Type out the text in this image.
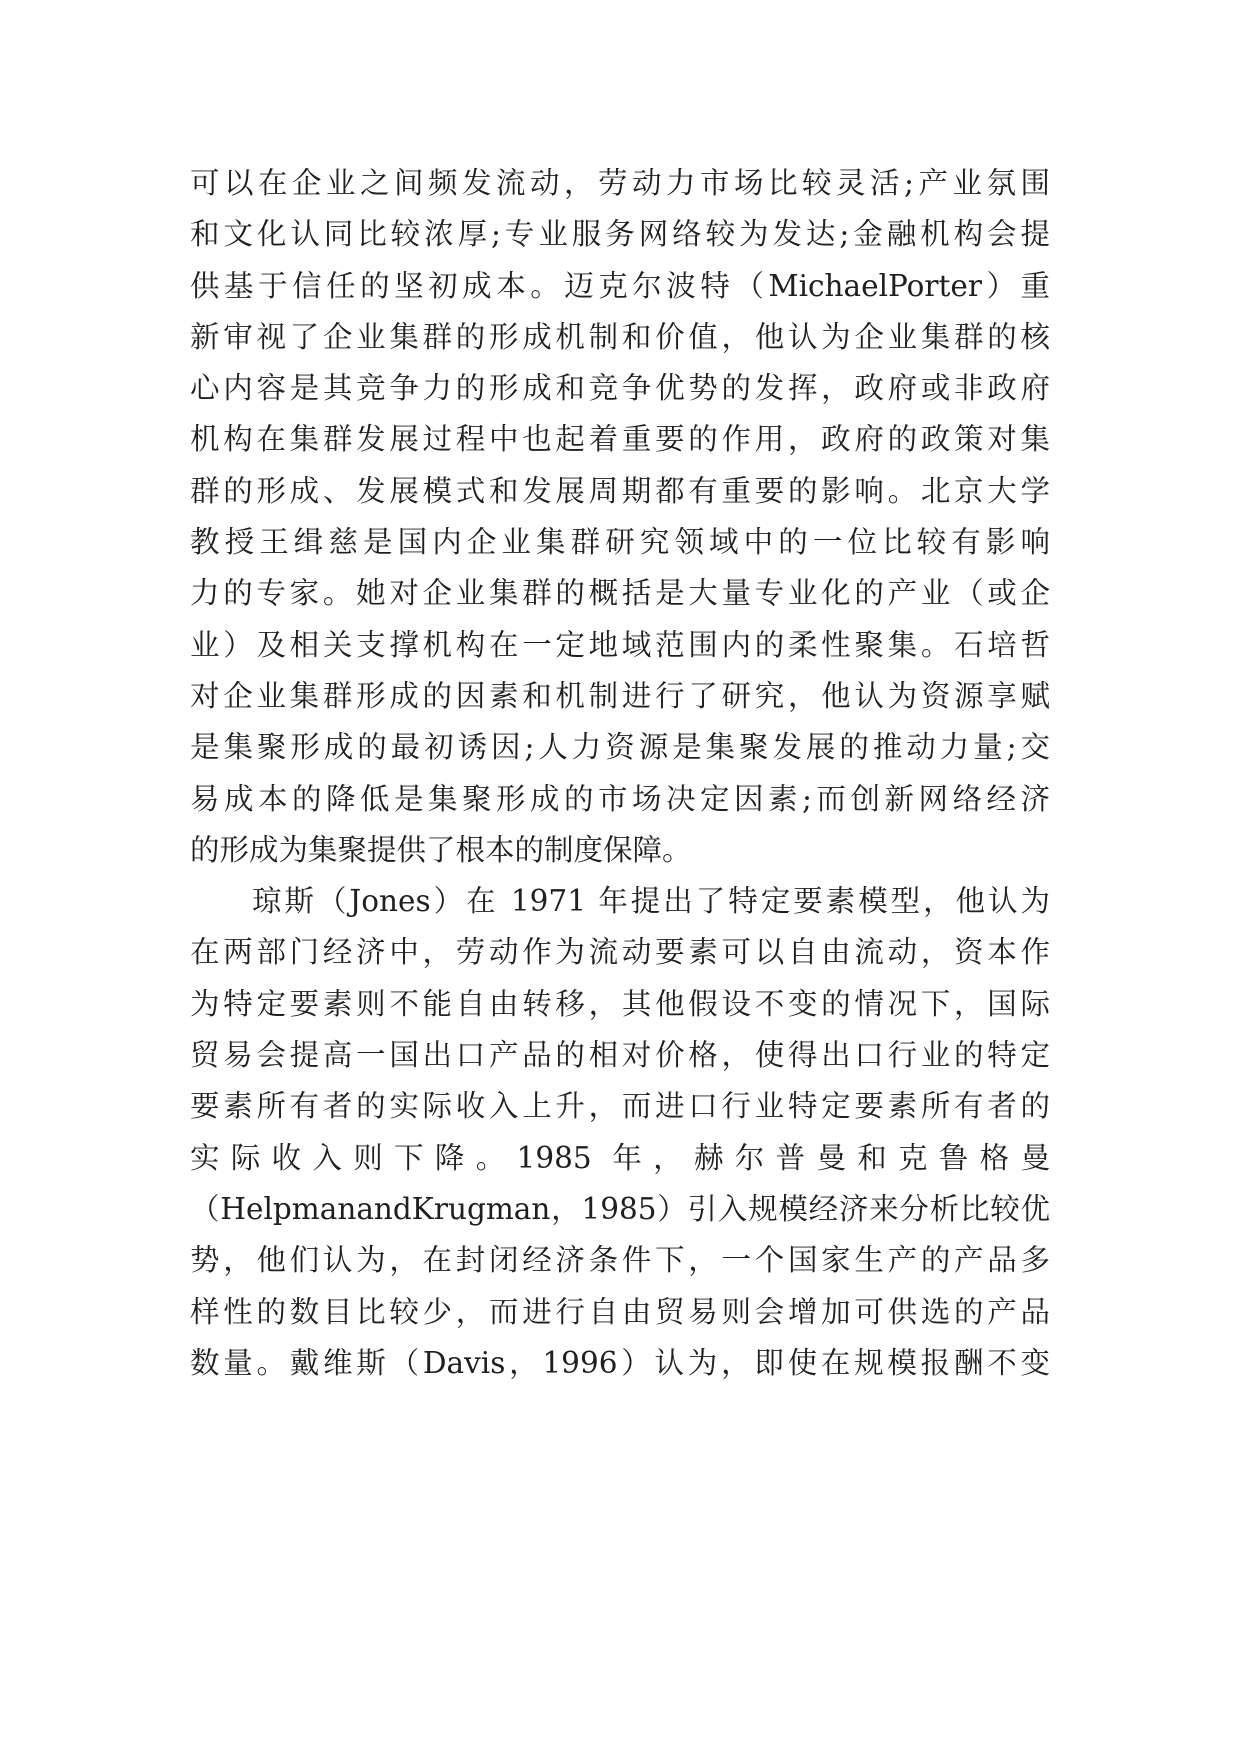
可以在企业之间频发流动，劳动力市场比较灵活;产业氛围
和文化认同比较浓厚;专业服务网络较为发达;金融机构会提
供基于信任的坚初成本。迈克尔波特（MichaelPorter）重
新审视了企业集群的形成机制和价值，他认为企业集群的核
心内容是其竞争力的形成和竞争优势的发挥，政府或非政府
机构在集群发展过程中也起着重要的作用，政府的政策对集
群的形成、发展模式和发展周期都有重要的影响。北京大学
教授王缉慈是国内企业集群研究领域中的一位比较有影响
力的专家。她对企业集群的概括是大量专业化的产业（或企
业）及相关支撑机构在一定地域范围内的柔性聚集。石培哲
对企业集群形成的因素和机制进行了研究，他认为资源享赋
是集聚形成的最初诱因;人力资源是集聚发展的推动力量;交
易成本的降低是集聚形成的市场决定因素;而创新网络经济
的形成为集聚提供了根本的制度保障。
琼斯（Jones）在 1971 年提出了特定要素模型，他认为
在两部门经济中，劳动作为流动要素可以自由流动，资本作
为特定要素则不能自由转移，其他假设不变的情况下，国际
贸易会提高一国出口产品的相对价格，使得出口行业的特定
要素所有者的实际收入上升，而进口行业特定要素所有者的
实际收入则下降。1985 年，赫尔普曼和克鲁格曼
（HelpmanandKrugman，1985）引入规模经济来分析比较优
势，他们认为，在封闭经济条件下，一个国家生产的产品多
样性的数目比较少，而进行自由贸易则会增加可供选的产品
数量。戴维斯（Davis，1996）认为，即使在规模报酬不变
